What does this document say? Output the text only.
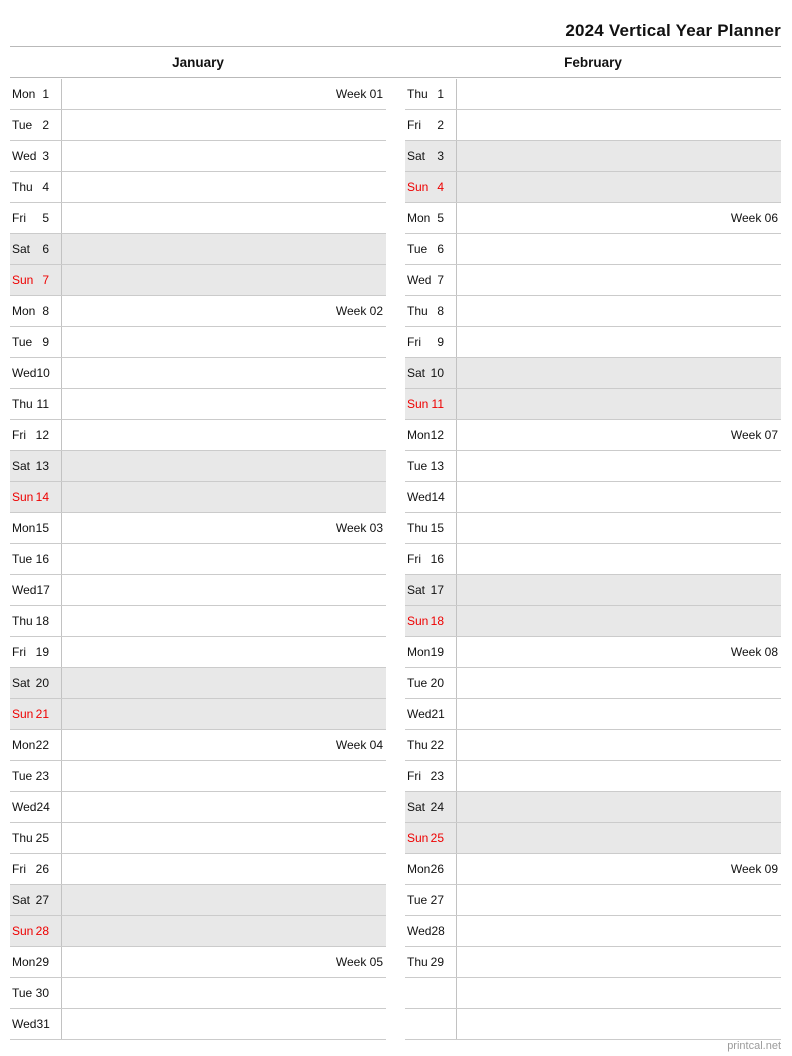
2024 Vertical Year Planner
January	February
Mon 1	Week 01
Tue 2
Wed 3
Thu 4
Fri	5
Sat	6
Sun 7
Mon 8	Week 02
Tue 9
Wed 10
Thu 11
Fri 12
Sat 13
Sun 14
Mon 15	Week 03
Tue 16
Wed 17
Thu 18
Fri 19
Sat 20
Sun 21
Mon 22	Week 04
Tue 23
Wed 24
Thu 25
Fri 26
Sat 27
Sun 28
Mon 29	Week 05
Tue 30
Wed 31
Thu 1
Fri	2
Sat	3
Sun 4
Mon 5	Week 06
Tue 6
Wed 7
Thu 8
Fri	9
Sat 10
Sun 11
Mon 12	Week 07
Tue 13
Wed 14
Thu 15
Fri 16
Sat 17
Sun 18
Mon 19	Week 08
Tue 20
Wed 21
Thu 22
Fri 23
Sat 24
Sun 25
Mon 26	Week 09
Tue 27
Wed 28
Thu 29
printcal.net
